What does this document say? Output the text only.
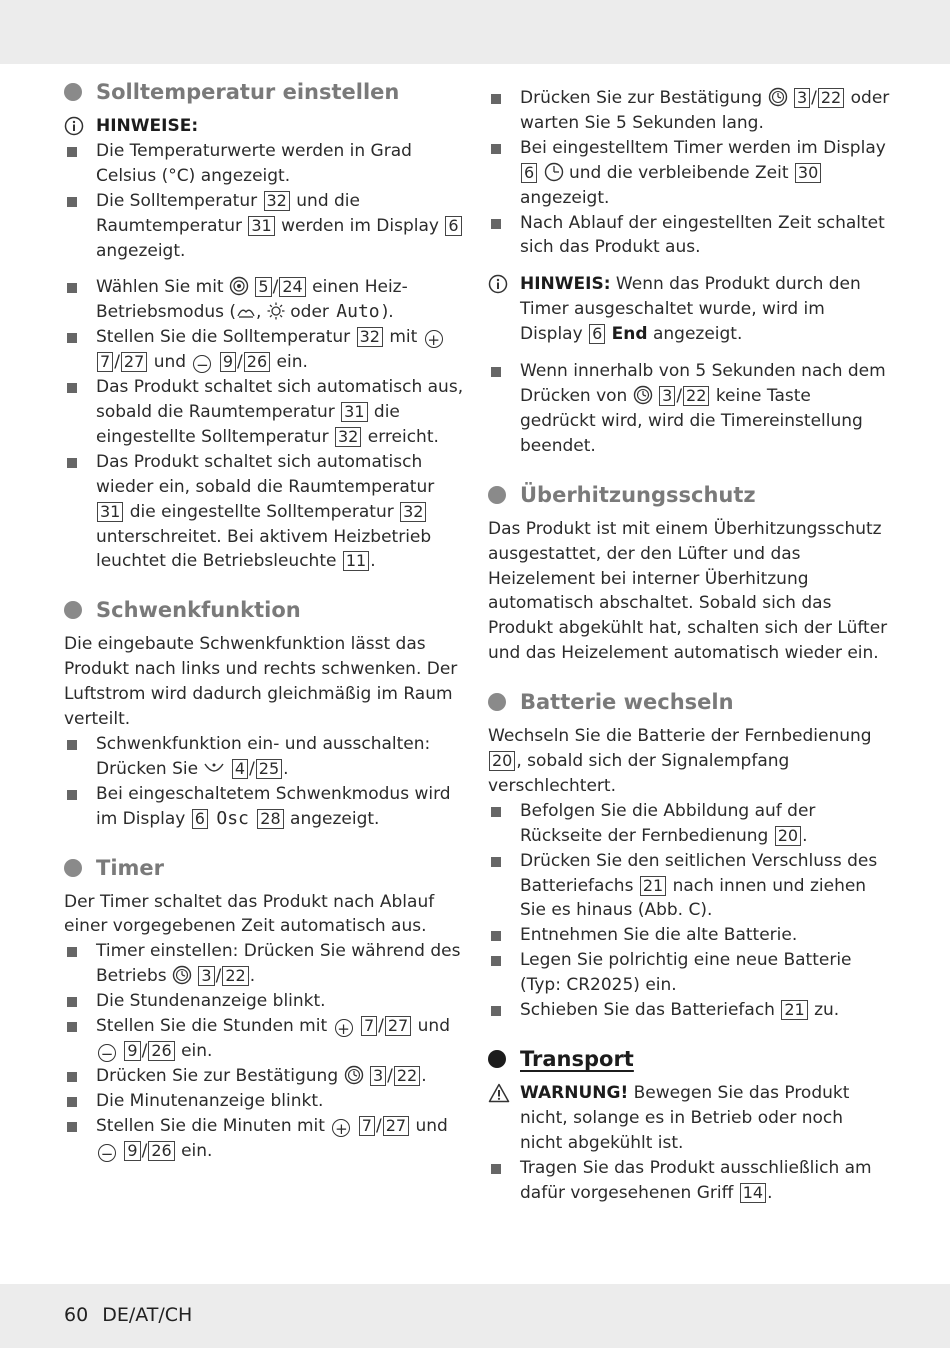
Solltemperatur einstellen
HINWEISE:
Die Temperaturwerte werden in Grad Celsius (°C) angezeigt.
Die Solltemperatur 32 und die Raumtemperatur 31 werden im Display 6 angezeigt.
Wählen Sie mit 5 / 24 einen Heiz-Betriebsmodus ( , oder Auto ).
Stellen Sie die Solltemperatur 32 mit + 7 / 27 und − 9 / 26 ein.
Das Produkt schaltet sich automatisch aus, sobald die Raumtemperatur 31 die eingestellte Solltemperatur 32 erreicht.
Das Produkt schaltet sich automatisch wieder ein, sobald die Raumtemperatur 31 die eingestellte Solltemperatur 32 unterschreitet. Bei aktivem Heizbetrieb leuchtet die Betriebsleuchte 11 .
Schwenkfunktion

Die eingebaute Schwenkfunktion lässt das Produkt nach links und rechts schwenken. Der Luftstrom wird dadurch gleichmäßig im Raum verteilt.

Schwenkfunktion ein- und ausschalten: Drücken Sie 4 / 25 .
Bei eingeschaltetem Schwenkmodus wird im Display 6 Osc 28 angezeigt.
Timer

Der Timer schaltet das Produkt nach Ablauf einer vorgegebenen Zeit automatisch aus.

Timer einstellen: Drücken Sie während des Betriebs 3 / 22 .
Die Stundenanzeige blinkt.
Stellen Sie die Stunden mit + 7 / 27 und − 9 / 26 ein.
Drücken Sie zur Bestätigung 3 / 22 .
Die Minutenanzeige blinkt.
Stellen Sie die Minuten mit + 7 / 27 und − 9 / 26 ein.
Drücken Sie zur Bestätigung 3 / 22 oder warten Sie 5 Sekunden lang.
Bei eingestelltem Timer werden im Display 6 und die verbleibende Zeit 30 angezeigt.
Nach Ablauf der eingestellten Zeit schaltet sich das Produkt aus.
HINWEIS: Wenn das Produkt durch den Timer ausgeschaltet wurde, wird im Display 6 End angezeigt.
Wenn innerhalb von 5 Sekunden nach dem Drücken von 3 / 22 keine Taste gedrückt wird, wird die Timereinstellung beendet.
Überhitzungsschutz

Das Produkt ist mit einem Überhitzungsschutz ausgestattet, der den Lüfter und das Heizelement bei interner Überhitzung automatisch abschaltet. Sobald sich das Produkt abgekühlt hat, schalten sich der Lüfter und das Heizelement automatisch wieder ein.

Batterie wechseln

Wechseln Sie die Batterie der Fernbedienung 20 , sobald sich der Signalempfang verschlechtert.

Befolgen Sie die Abbildung auf der Rückseite der Fernbedienung 20 .
Drücken Sie den seitlichen Verschluss des Batteriefachs 21 nach innen und ziehen Sie es hinaus (Abb. C).
Entnehmen Sie die alte Batterie.
Legen Sie polrichtig eine neue Batterie (Typ: CR2025) ein.
Schieben Sie das Batteriefach 21 zu.
Transport
WARNUNG! Bewegen Sie das Produkt nicht, solange es in Betrieb oder noch nicht abgekühlt ist.
Tragen Sie das Produkt ausschließlich am dafür vorgesehenen Griff 14 .
60 DE/AT/CH
